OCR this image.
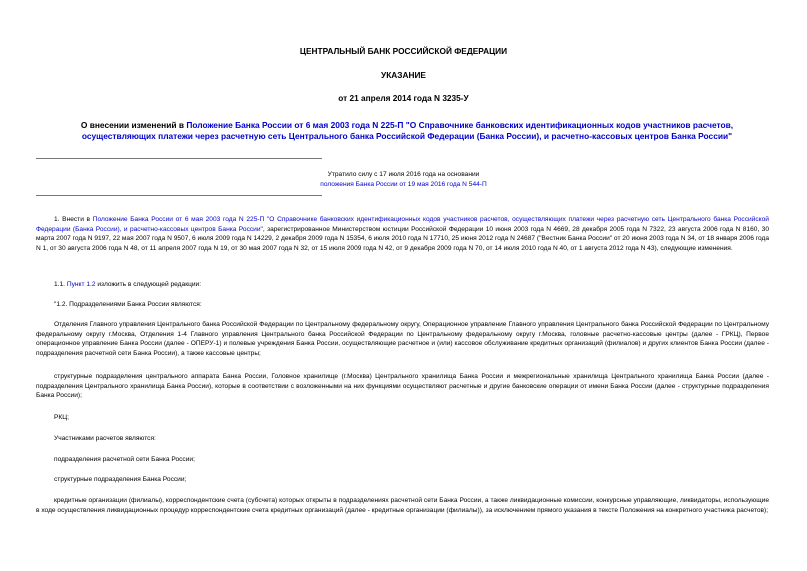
ЦЕНТРАЛЬНЫЙ БАНК РОССИЙСКОЙ ФЕДЕРАЦИИ
УКАЗАНИЕ
от 21 апреля 2014 года N 3235-У
О внесении изменений в Положение Банка России от 6 мая 2003 года N 225-П "О Справочнике банковских идентификационных кодов участников расчетов, осуществляющих платежи через расчетную сеть Центрального банка Российской Федерации (Банка России), и расчетно-кассовых центров Банка России"
Утратило силу с 17 июля 2016 года на основании
положения Банка России от 19 мая 2016 года N 544-П
1. Внести в Положение Банка России от 6 мая 2003 года N 225-П "О Справочнике банковских идентификационных кодов участников расчетов, осуществляющих платежи через расчетную сеть Центрального банка Российской Федерации (Банка России), и расчетно-кассовых центров Банка России", зарегистрированное Министерством юстиции Российской Федерации 10 июня 2003 года N 4669, 28 декабря 2005 года N 7322, 23 августа 2006 года N 8160, 30 марта 2007 года N 9197, 22 мая 2007 года N 9507, 6 июля 2009 года N 14229, 2 декабря 2009 года N 15354, 6 июля 2010 года N 17710, 25 июня 2012 года N 24687 ("Вестник Банка России" от 20 июня 2003 года N 34, от 18 января 2006 года N 1, от 30 августа 2006 года N 48, от 11 апреля 2007 года N 19, от 30 мая 2007 года N 32, от 15 июля 2009 года N 42, от 9 декабря 2009 года N 70, от 14 июля 2010 года N 40, от 1 августа 2012 года N 43), следующие изменения.
1.1. Пункт 1.2 изложить в следующей редакции:
"1.2. Подразделениями Банка России являются:
Отделения Главного управления Центрального банка Российской Федерации по Центральному федеральному округу, Операционное управление Главного управления Центрального банка Российской Федерации по Центральному федеральному округу г.Москва, Отделения 1-4 Главного управления Центрального банка Российской Федерации по Центральному федеральному округу г.Москва, головные расчетно-кассовые центры (далее - ГРКЦ), Первое операционное управление Банка России (далее - ОПЕРУ-1) и полевые учреждения Банка России, осуществляющие расчетное и (или) кассовое обслуживание кредитных организаций (филиалов) и других клиентов Банка России (далее - подразделения расчетной сети Банка России), а также кассовые центры;
структурные подразделения центрального аппарата Банка России, Головное хранилище (г.Москва) Центрального хранилища Банка России и межрегиональные хранилища Центрального хранилища Банка России (далее - подразделения Центрального хранилища Банка России), которые в соответствии с возложенными на них функциями осуществляют расчетные и другие банковские операции от имени Банка России (далее - структурные подразделения Банка России);
РКЦ;
Участниками расчетов являются:
подразделения расчетной сети Банка России;
структурные подразделения Банка России;
кредитные организации (филиалы), корреспондентские счета (субсчета) которых открыты в подразделениях расчетной сети Банка России, а также ликвидационные комиссии, конкурсные управляющие, ликвидаторы, использующие в ходе осуществления ликвидационных процедур корреспондентские счета кредитных организаций (далее - кредитные организации (филиалы)), за исключением прямого указания в тексте Положения на конкретного участника расчетов);
